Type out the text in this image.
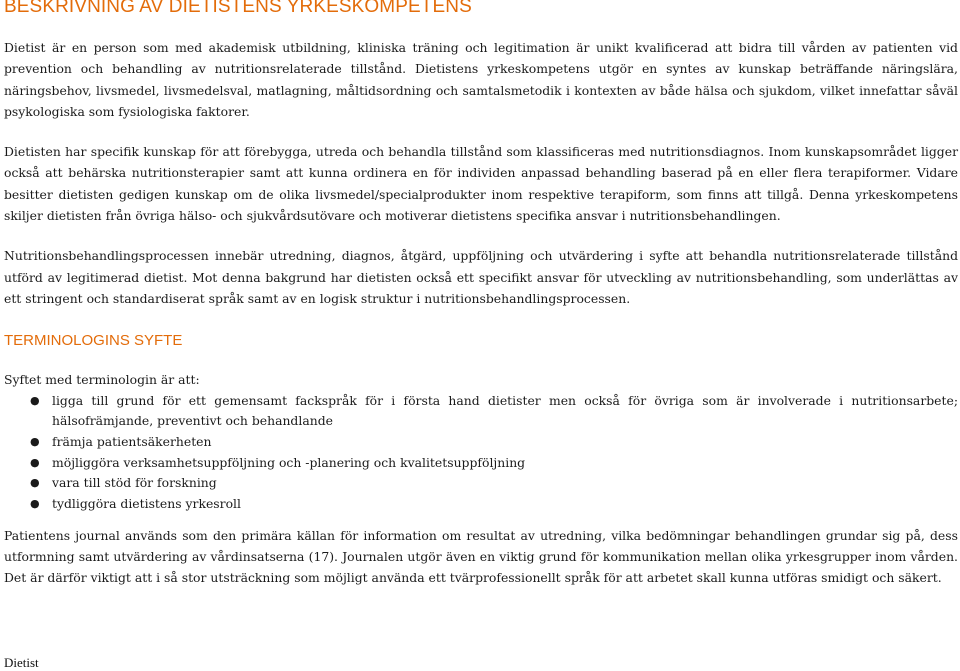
BESKRIVNING AV DIETISTENS YRKESKOMPETENS

Dietist är en person som med akademisk utbildning, kliniska träning och legitimation är unikt kvalificerad att bidra till vården av patienten vid prevention och behandling av nutritionsrelaterade tillstånd. Dietistens yrkeskompetens utgör en syntes av kunskap beträffande näringslära, näringsbehov, livsmedel, livsmedelsval, matlagning, måltidsordning och samtalsmetodik i kontexten av både hälsa och sjukdom, vilket innefattar såväl psykologiska som fysiologiska faktorer.

Dietisten har specifik kunskap för att förebygga, utreda och behandla tillstånd som klassificeras med nutritionsdiagnos. Inom kunskapsområdet ligger också att behärska nutritionsterapier samt att kunna ordinera en för individen anpassad behandling baserad på en eller flera terapiformer. Vidare besitter dietisten gedigen kunskap om de olika livsmedel/specialprodukter inom respektive terapiform, som finns att tillgå. Denna yrkeskompetens skiljer dietisten från övriga hälso- och sjukvårdsutövare och motiverar dietistens specifika ansvar i nutritionsbehandlingen.

Nutritionsbehandlingsprocessen innebär utredning, diagnos, åtgärd, uppföljning och utvärdering i syfte att behandla nutritionsrelaterade tillstånd utförd av legitimerad dietist. Mot denna bakgrund har dietisten också ett specifikt ansvar för utveckling av nutritionsbehandling, som underlättas av ett stringent och standardiserat språk samt av en logisk struktur i nutritionsbehandlingsprocessen.

TERMINOLOGINS SYFTE

Syftet med terminologin är att:

● ligga till grund för ett gemensamt fackspråk för i första hand dietister men också för övriga som är involverade i nutritionsarbete; hälsofrämjande, preventivt och behandlande
● främja patientsäkerheten
● möjliggöra verksamhetsuppföljning och -planering och kvalitetsuppföljning
● vara till stöd för forskning
● tydliggöra dietistens yrkesroll

Patientens journal används som den primära källan för information om resultat av utredning, vilka bedömningar behandlingen grundar sig på, dess utformning samt utvärdering av vårdinsatserna (17). Journalen utgör även en viktig grund för kommunikation mellan olika yrkesgrupper inom vården. Det är därför viktigt att i så stor utsträckning som möjligt använda ett tvärprofessionellt språk för att arbetet skall kunna utföras smidigt och säkert.

Dietist
